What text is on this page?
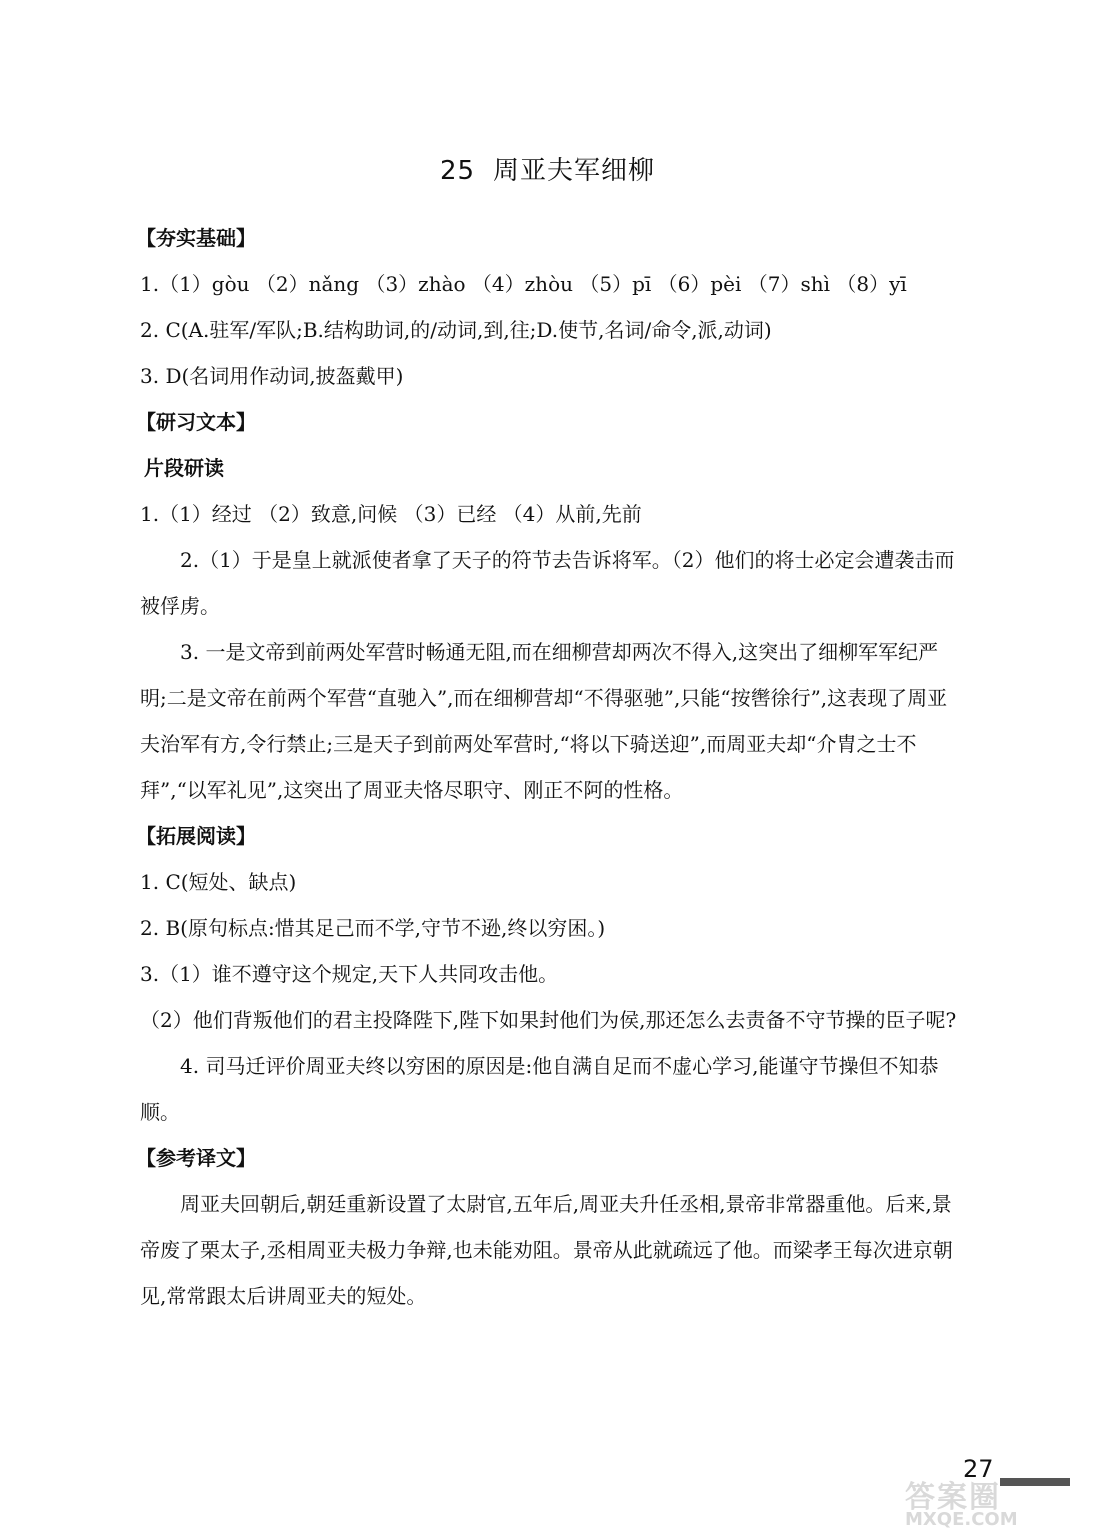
25 周亚夫军细柳
【夯实基础】

1.（1）gòu （2）nǎng （3）zhào （4）zhòu （5）pī （6）pèi （7）shì （8）yī

2. C(A.驻军/军队;B.结构助词,的/动词,到,往;D.使节,名词/命令,派,动词)

3. D(名词用作动词,披盔戴甲)

【研习文本】
片段研读

1.（1）经过 （2）致意,问候 （3）已经 （4）从前,先前

2.（1）于是皇上就派使者拿了天子的符节去告诉将军。（2）他们的将士必定会遭袭击而被俘虏。

3. 一是文帝到前两处军营时畅通无阻,而在细柳营却两次不得入,这突出了细柳军军纪严明;二是文帝在前两个军营“直驰入”,而在细柳营却“不得驱驰”,只能“按辔徐行”,这表现了周亚夫治军有方,令行禁止;三是天子到前两处军营时,“将以下骑送迎”,而周亚夫却“介胄之士不拜”,“以军礼见”,这突出了周亚夫恪尽职守、刚正不阿的性格。

【拓展阅读】

1. C(短处、缺点)

2. B(原句标点:惜其足己而不学,守节不逊,终以穷困。)

3.（1）谁不遵守这个规定,天下人共同攻击他。

（2）他们背叛他们的君主投降陛下,陛下如果封他们为侯,那还怎么去责备不守节操的臣子呢?

4. 司马迁评价周亚夫终以穷困的原因是:他自满自足而不虚心学习,能谨守节操但不知恭顺。

【参考译文】

周亚夫回朝后,朝廷重新设置了太尉官,五年后,周亚夫升任丞相,景帝非常器重他。后来,景帝废了栗太子,丞相周亚夫极力争辩,也未能劝阻。景帝从此就疏远了他。而梁孝王每次进京朝见,常常跟太后讲周亚夫的短处。

27
答案圈
MXQE.COM
